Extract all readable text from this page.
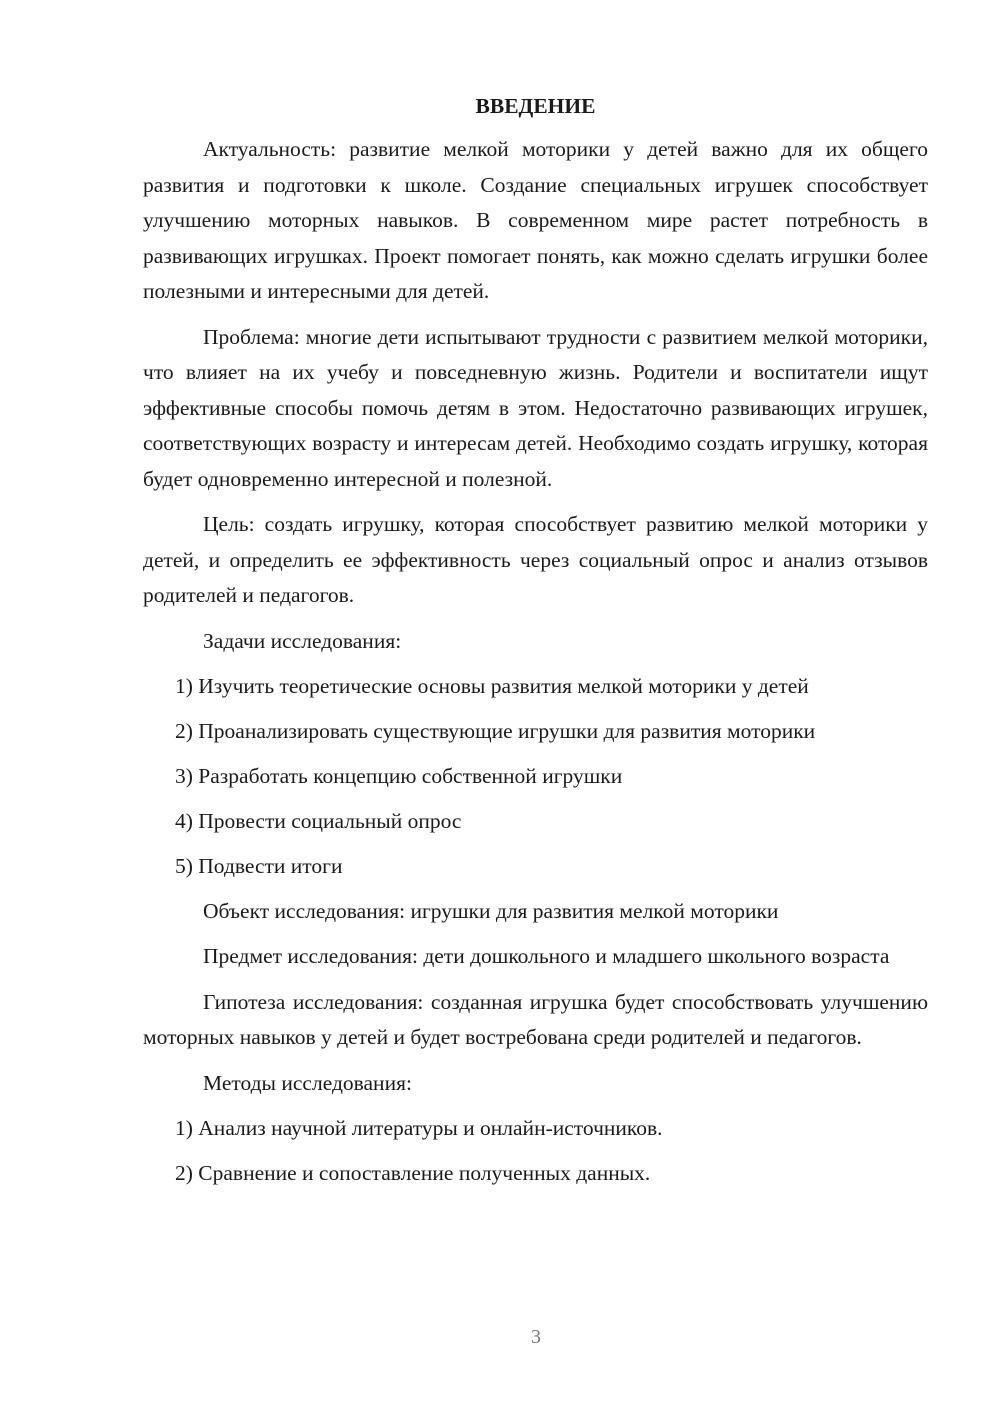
ВВЕДЕНИЕ

Актуальность: развитие мелкой моторики у детей важно для их общего развития и подготовки к школе. Создание специальных игрушек способствует улучшению моторных навыков. В современном мире растет потребность в развивающих игрушках. Проект помогает понять, как можно сделать игрушки более полезными и интересными для детей.

Проблема: многие дети испытывают трудности с развитием мелкой моторики, что влияет на их учебу и повседневную жизнь. Родители и воспитатели ищут эффективные способы помочь детям в этом. Недостаточно развивающих игрушек, соответствующих возрасту и интересам детей. Необходимо создать игрушку, которая будет одновременно интересной и полезной.

Цель: создать игрушку, которая способствует развитию мелкой моторики у детей, и определить ее эффективность через социальный опрос и анализ отзывов родителей и педагогов.

Задачи исследования:

1) Изучить теоретические основы развития мелкой моторики у детей

2) Проанализировать существующие игрушки для развития моторики

3) Разработать концепцию собственной игрушки

4) Провести социальный опрос

5) Подвести итоги

Объект исследования: игрушки для развития мелкой моторики

Предмет исследования: дети дошкольного и младшего школьного возраста

Гипотеза исследования: созданная игрушка будет способствовать улучшению моторных навыков у детей и будет востребована среди родителей и педагогов.

Методы исследования:

1) Анализ научной литературы и онлайн-источников.

2) Сравнение и сопоставление полученных данных.

3
